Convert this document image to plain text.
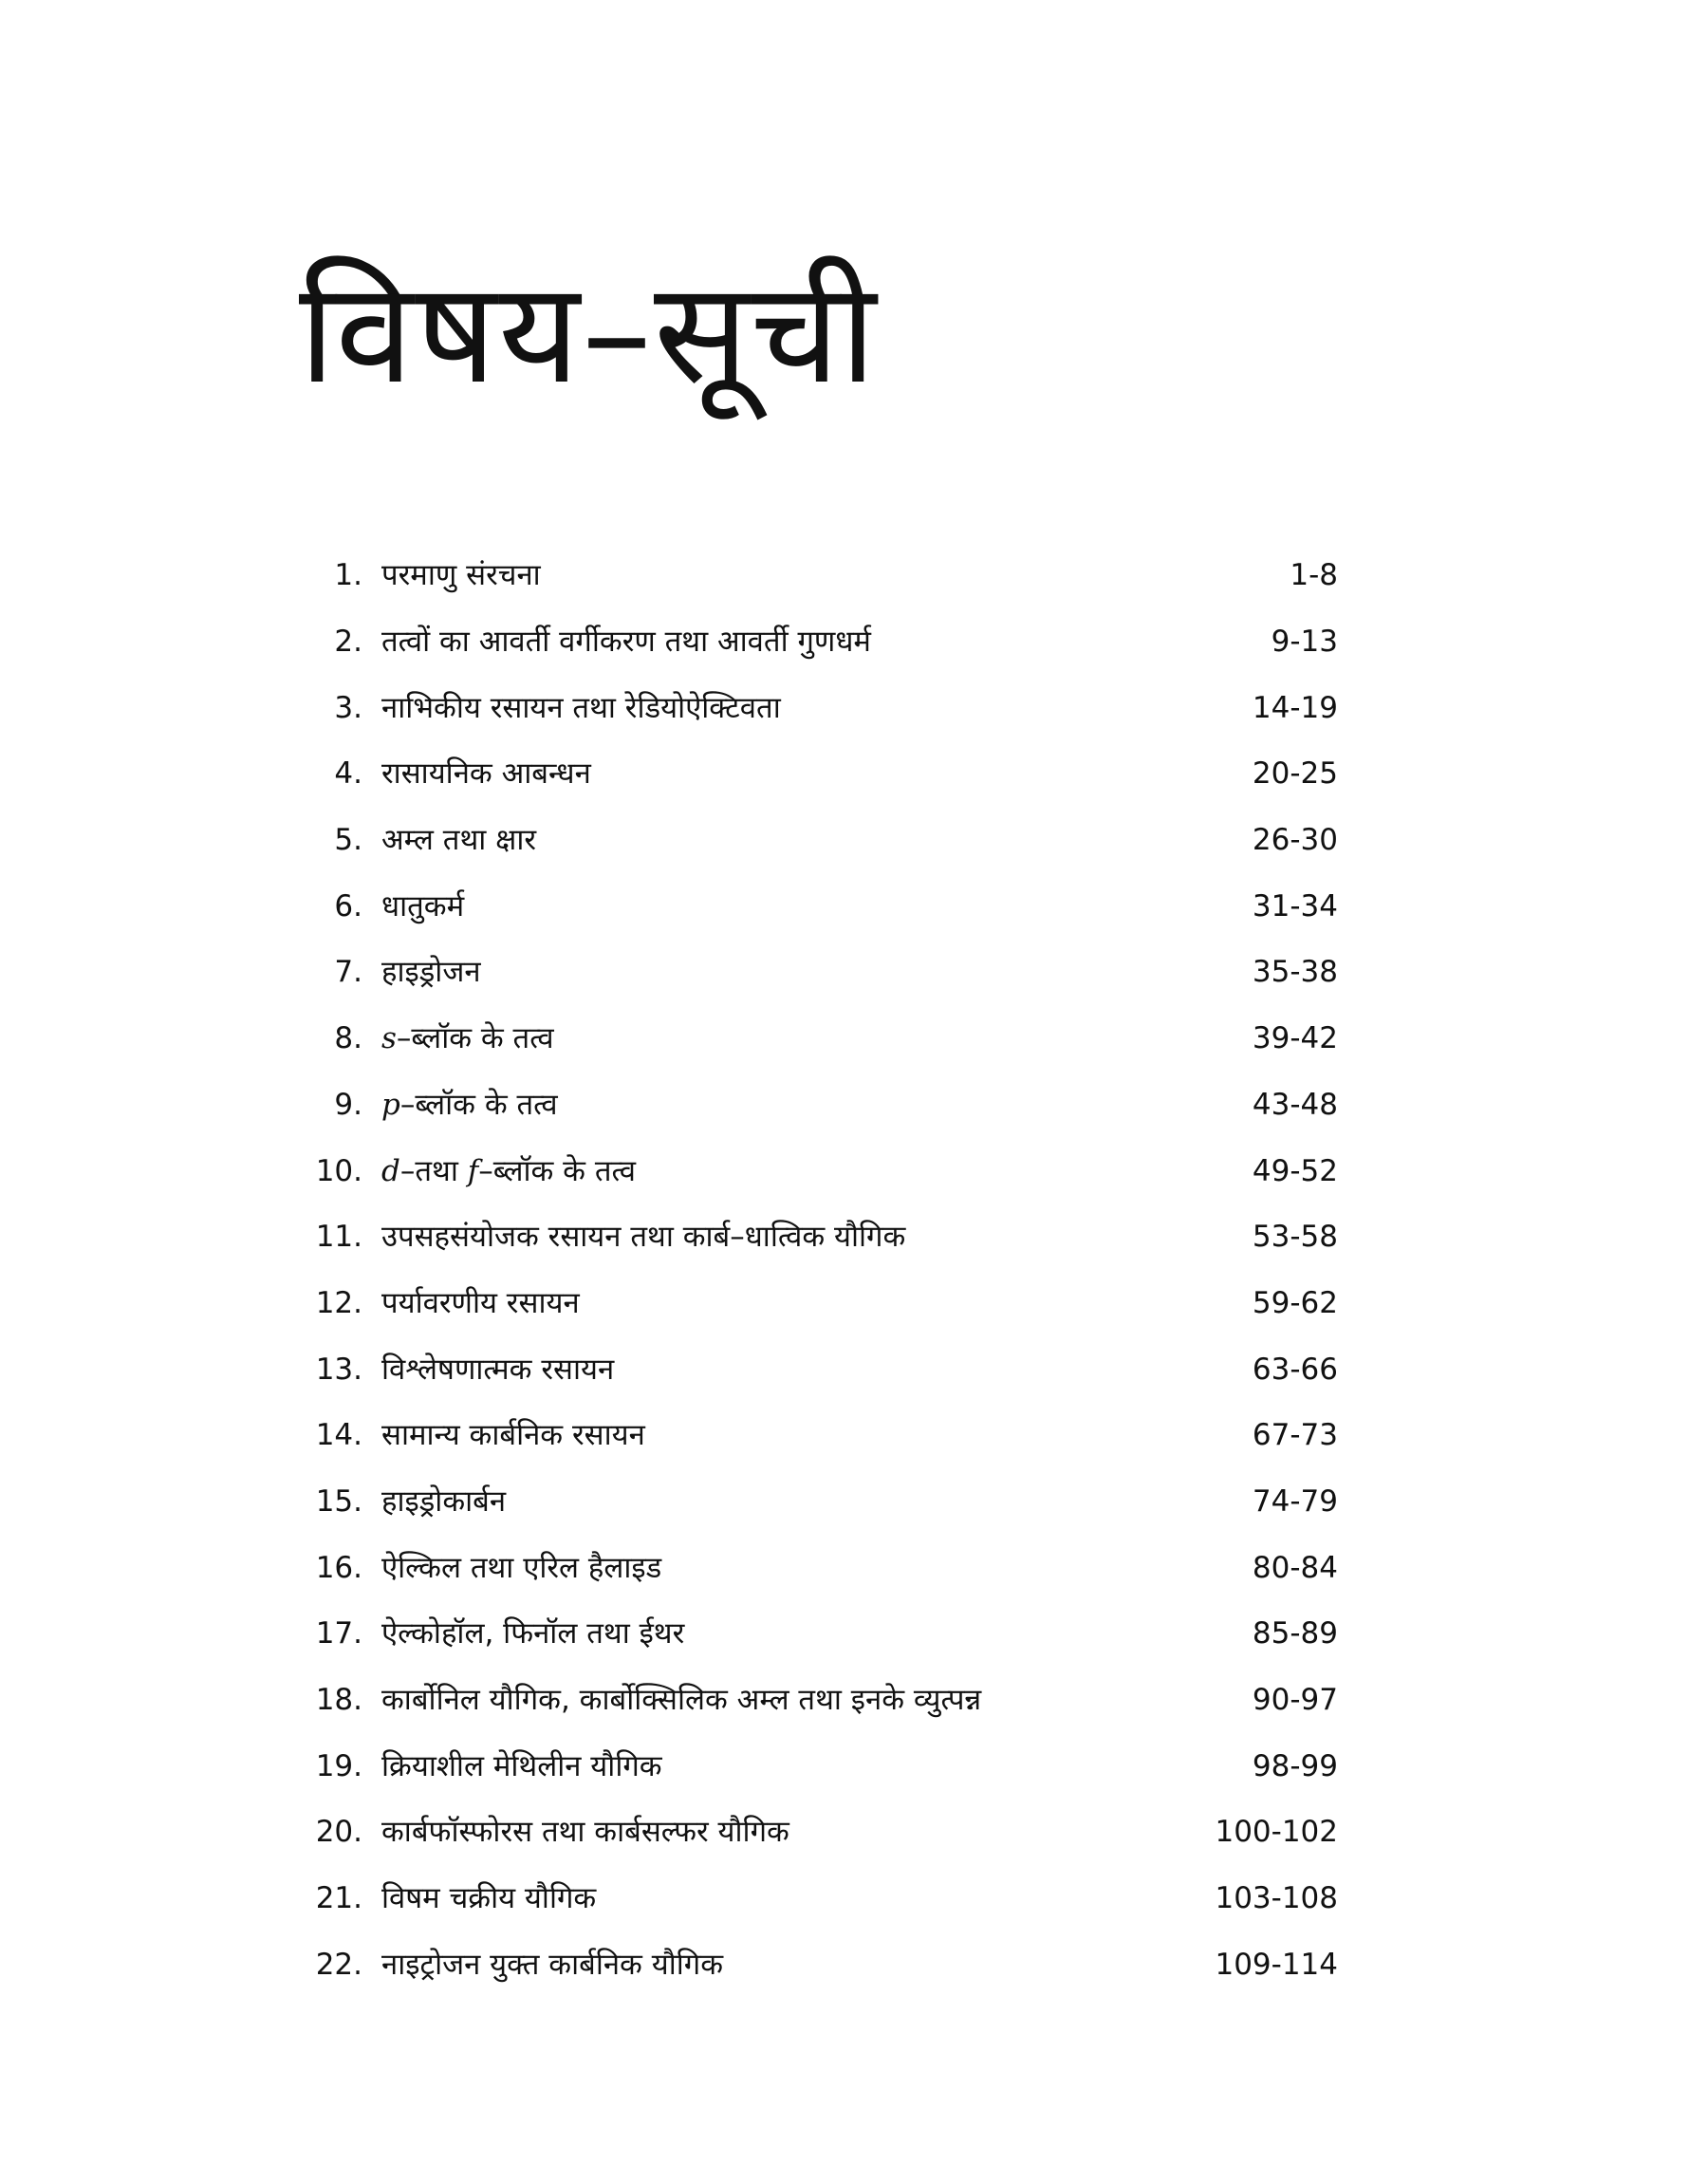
विषय–सूची
1. परमाणु संरचना	1-8
2. तत्वों का आवर्ती वर्गीकरण तथा आवर्ती गुणधर्म	9-13
3. नाभिकीय रसायन तथा रेडियोऐक्टिवता	14-19
4. रासायनिक आबन्धन	20-25
5. अम्ल तथा क्षार	26-30
6. धातुकर्म	31-34
7. हाइड्रोजन	35-38
8. s–ब्लॉक के तत्व	39-42
9. p–ब्लॉक के तत्व	43-48
10. d–तथा f–ब्लॉक के तत्व	49-52
11. उपसहसंयोजक रसायन तथा कार्ब–धात्विक यौगिक	53-58
12. पर्यावरणीय रसायन	59-62
13. विश्लेषणात्मक रसायन	63-66
14. सामान्य कार्बनिक रसायन	67-73
15. हाइड्रोकार्बन	74-79
16. ऐल्किल तथा एरिल हैलाइड	80-84
17. ऐल्कोहॉल, फिनॉल तथा ईथर	85-89
18. कार्बोनिल यौगिक, कार्बोक्सिलिक अम्ल तथा इनके व्युत्पन्न	90-97
19. क्रियाशील मेथिलीन यौगिक	98-99
20. कार्बफॉस्फोरस तथा कार्बसल्फर यौगिक	100-102
21. विषम चक्रीय यौगिक	103-108
22. नाइट्रोजन युक्त कार्बनिक यौगिक	109-114
